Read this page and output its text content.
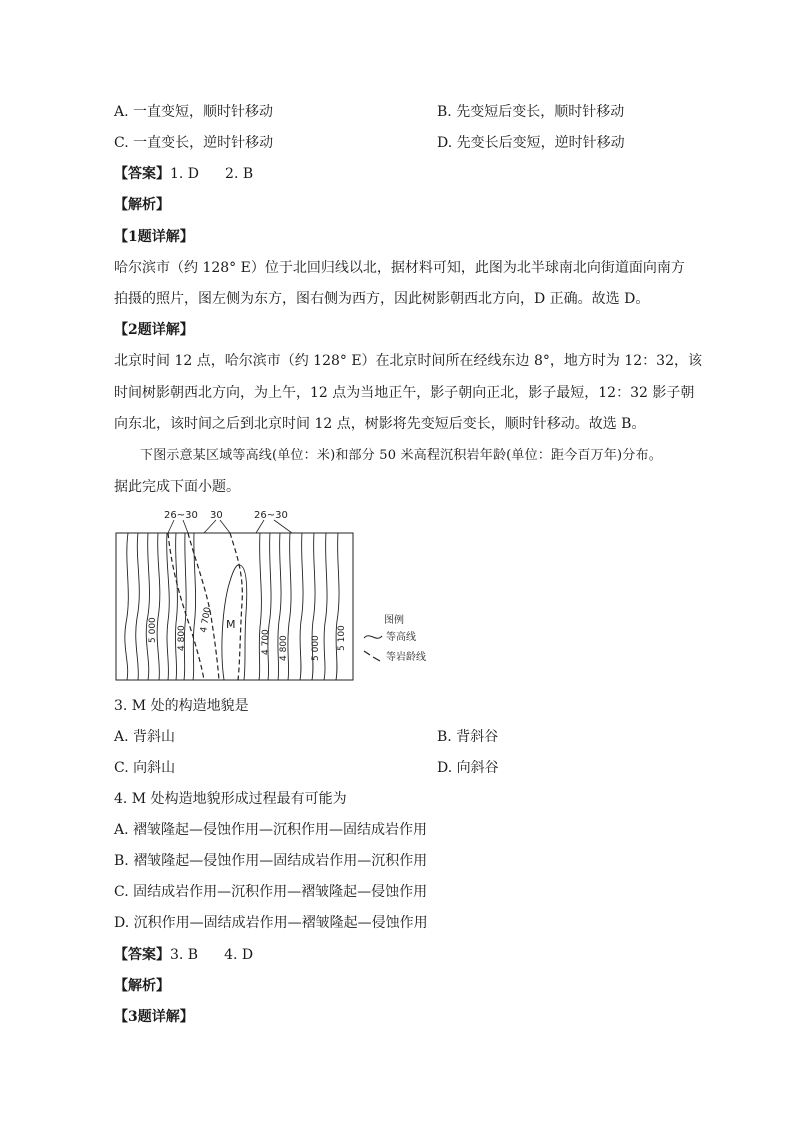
A. 一直变短，顺时针移动	B. 先变短后变长，顺时针移动
C. 一直变长，逆时针移动	D. 先变长后变短，逆时针移动
【答案】1. D 2. B
【解析】
【1题详解】
哈尔滨市（约 128° E）位于北回归线以北，据材料可知，此图为北半球南北向街道面向南方
拍摄的照片，图左侧为东方，图右侧为西方，因此树影朝西北方向，D 正确。故选 D。
【2题详解】
北京时间 12 点，哈尔滨市（约 128° E）在北京时间所在经线东边 8°，地方时为 12：32，该
时间树影朝西北方向，为上午，12 点为当地正午，影子朝向正北，影子最短，12：32 影子朝
向东北，该时间之后到北京时间 12 点，树影将先变短后变长，顺时针移动。故选 B。
下图示意某区域等高线(单位：米)和部分 50 米高程沉积岩年龄(单位：距今百万年)分布。
据此完成下面小题。
26~30 30	26~30
M
5 000 4 800
4 700
4 700 4 800 5 000 5 100
图例
等高线
等岩龄线
3. M 处的构造地貌是
A. 背斜山	B. 背斜谷
C. 向斜山	D. 向斜谷
4. M 处构造地貌形成过程最有可能为
A. 褶皱隆起—侵蚀作用—沉积作用—固结成岩作用
B. 褶皱隆起—侵蚀作用—固结成岩作用—沉积作用
C. 固结成岩作用—沉积作用—褶皱隆起—侵蚀作用
D. 沉积作用—固结成岩作用—褶皱隆起—侵蚀作用
【答案】3. B 4. D
【解析】
【3题详解】
